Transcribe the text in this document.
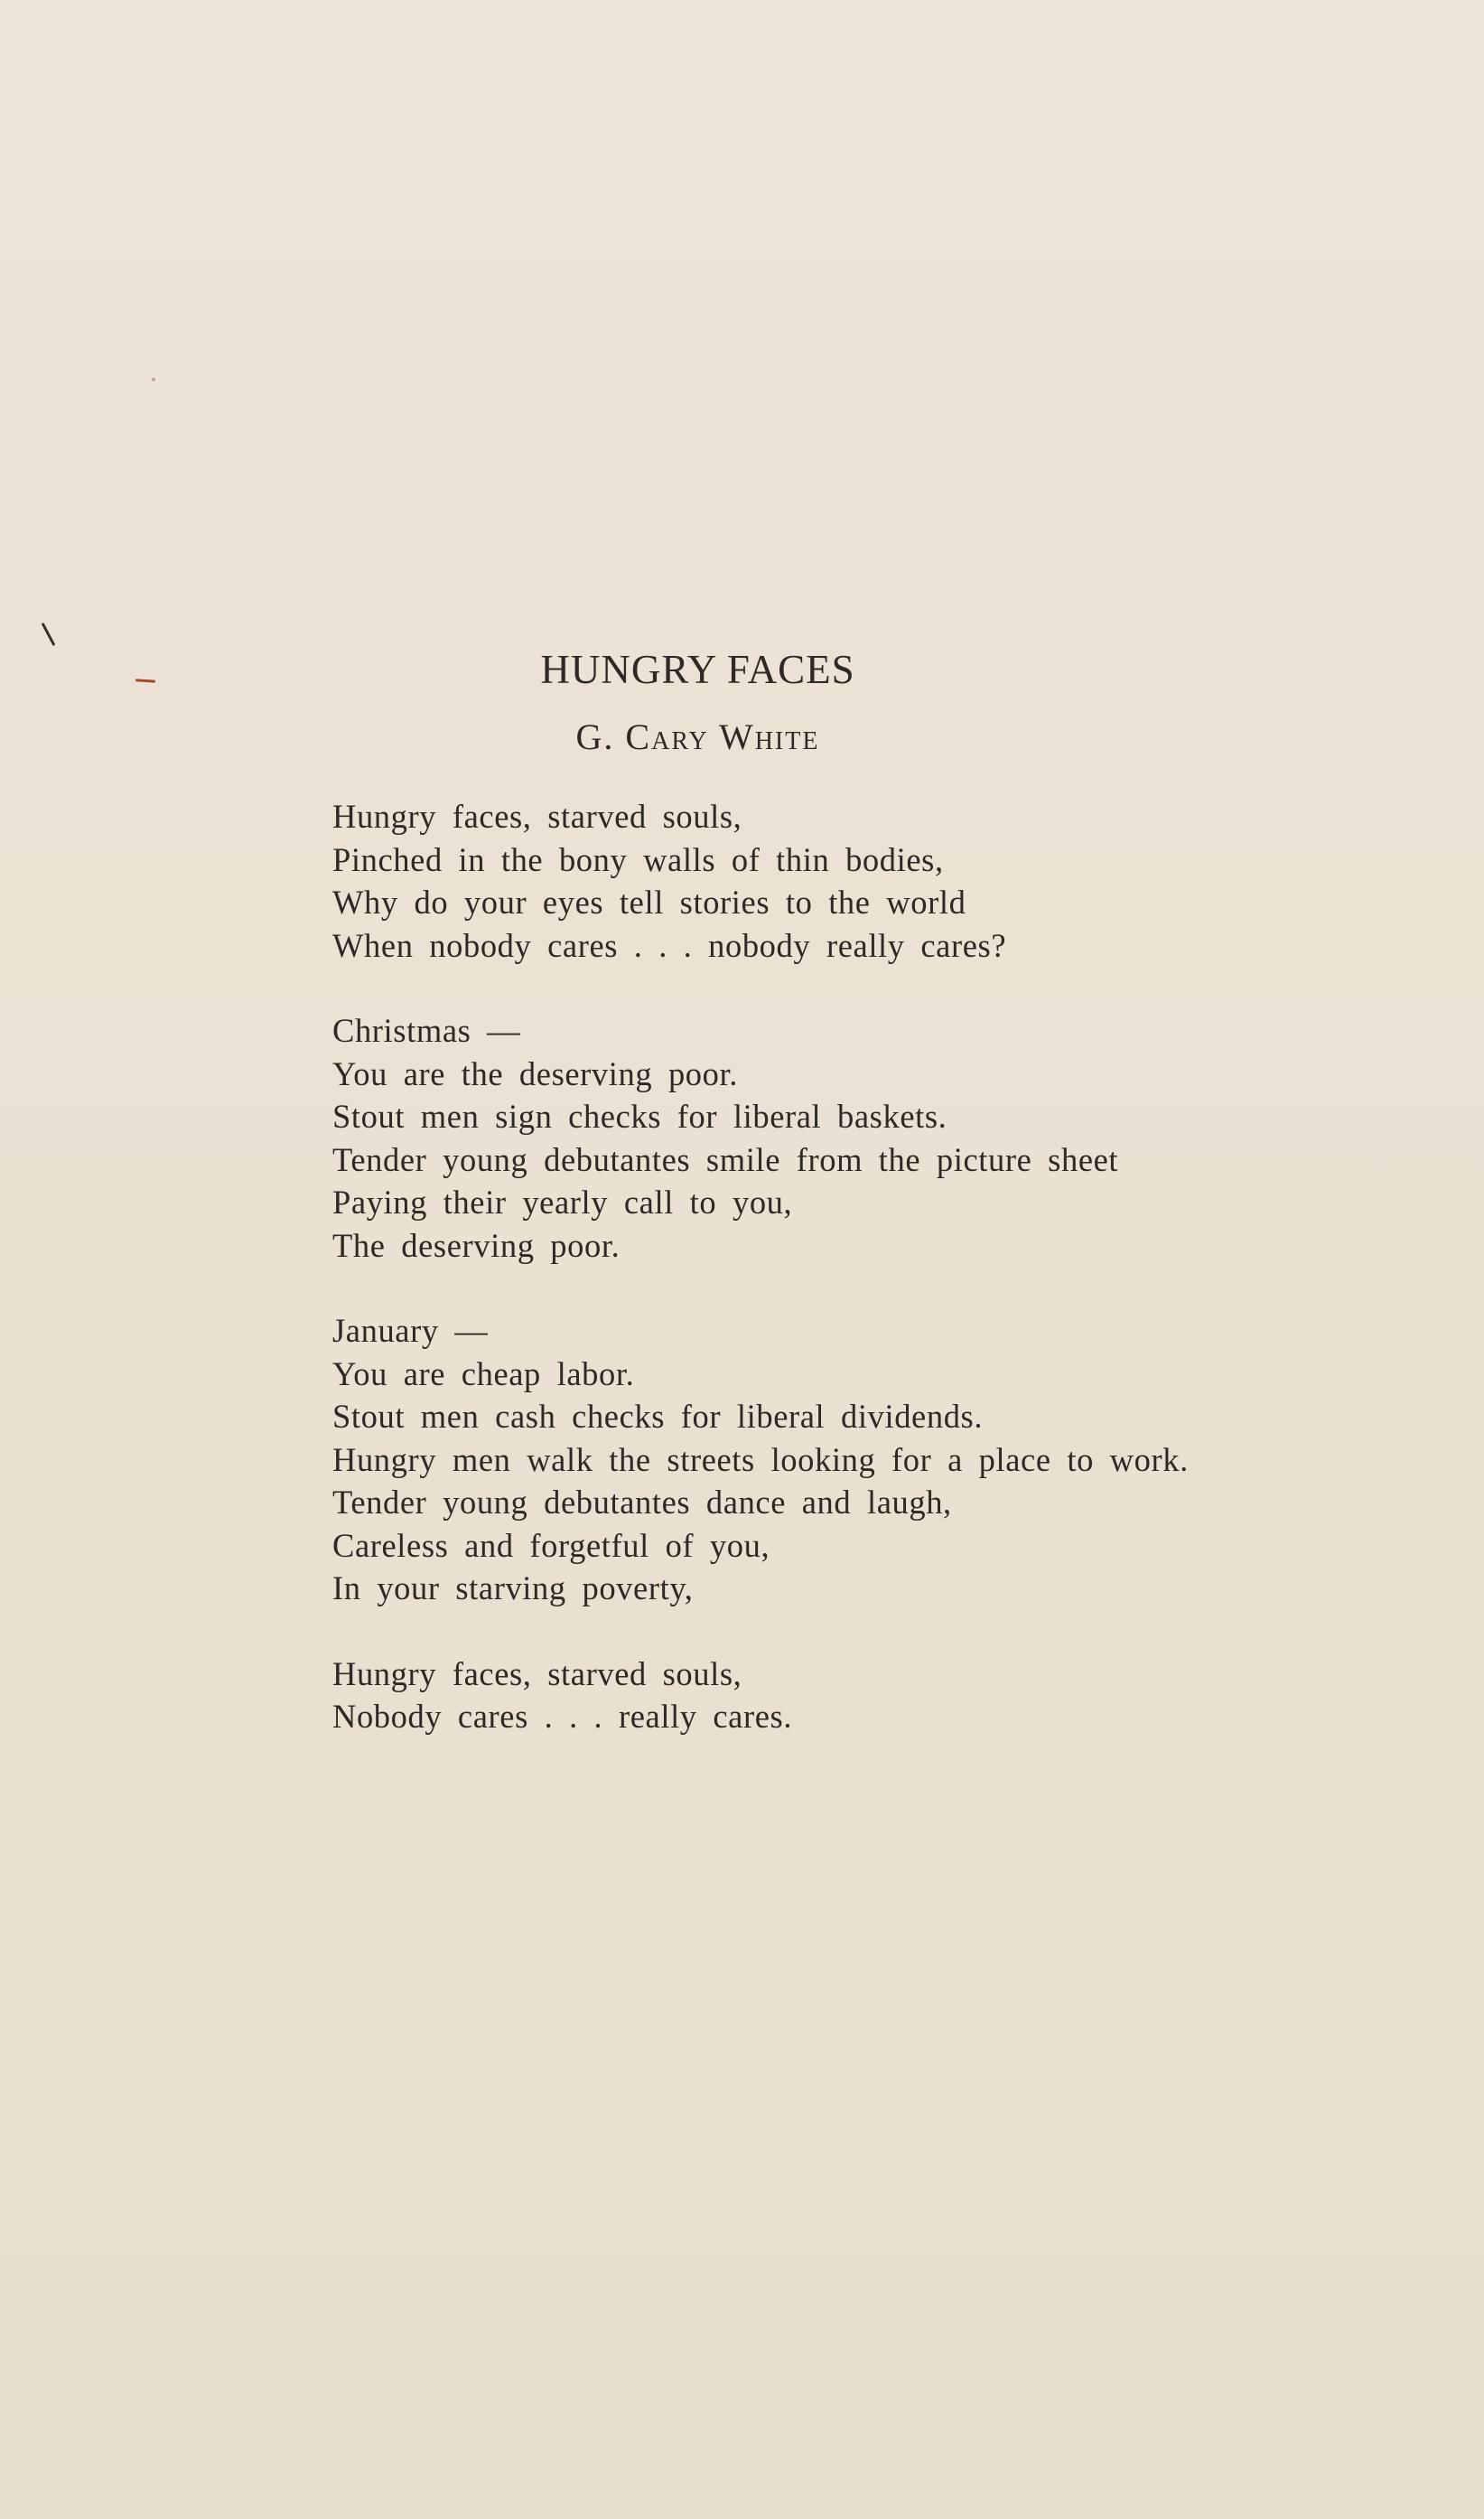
HUNGRY FACES
G. Cary White
Hungry faces, starved souls,
Pinched in the bony walls of thin bodies,
Why do your eyes tell stories to the world
When nobody cares . . . nobody really cares?
Christmas —
You are the deserving poor.
Stout men sign checks for liberal baskets.
Tender young debutantes smile from the picture sheet
Paying their yearly call to you,
The deserving poor.
January —
You are cheap labor.
Stout men cash checks for liberal dividends.
Hungry men walk the streets looking for a place to work.
Tender young debutantes dance and laugh,
Careless and forgetful of you,
In your starving poverty,
Hungry faces, starved souls,
Nobody cares . . . really cares.
